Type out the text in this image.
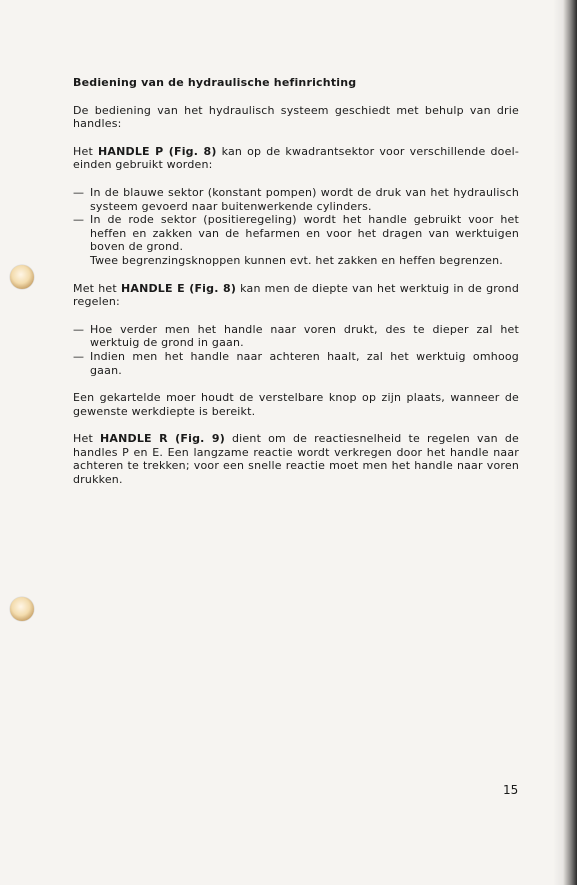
Bediening van de hydraulische hefinrichting

De bediening van het hydraulisch systeem geschiedt met behulp van drie handles:

Het HANDLE P (Fig. 8) kan op de kwadrantsektor voor verschillende doel-einden gebruikt worden:

— In de blauwe sektor (konstant pompen) wordt de druk van het hydraulisch systeem gevoerd naar buitenwerkende cylinders.
— In de rode sektor (positieregeling) wordt het handle gebruikt voor het heffen en zakken van de hefarmen en voor het dragen van werktuigen boven de grond.
Twee begrenzingsknoppen kunnen evt. het zakken en heffen begrenzen.

Met het HANDLE E (Fig. 8) kan men de diepte van het werktuig in de grond regelen:

— Hoe verder men het handle naar voren drukt, des te dieper zal het werktuig de grond in gaan.
— Indien men het handle naar achteren haalt, zal het werktuig omhoog gaan.

Een gekartelde moer houdt de verstelbare knop op zijn plaats, wanneer de gewenste werkdiepte is bereikt.

Het HANDLE R (Fig. 9) dient om de reactiesnelheid te regelen van de handles P en E. Een langzame reactie wordt verkregen door het handle naar achteren te trekken; voor een snelle reactie moet men het handle naar voren drukken.

15
